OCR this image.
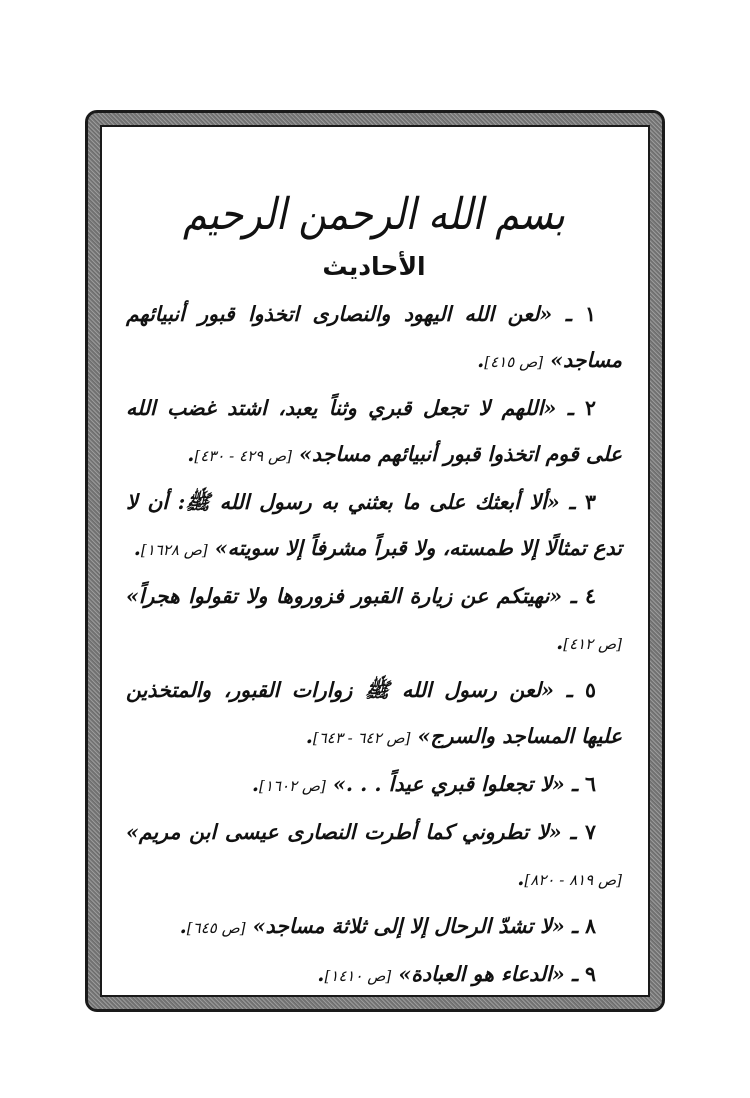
بسم الله الرحمن الرحيم
الأحاديث

١ ـ «لعن الله اليهود والنصارى اتخذوا قبور أنبيائهم مساجد» [ص ٤١٥].

٢ ـ «اللهم لا تجعل قبري وثناً يعبد، اشتد غضب الله على قوم اتخذوا قبور أنبيائهم مساجد» [ص ٤٢٩ - ٤٣٠].

٣ ـ «ألا أبعثك على ما بعثني به رسول الله ﷺ: أن لا تدع تمثالًا إلا طمسته، ولا قبراً مشرفاً إلا سويته» [ص ١٦٢٨].

٤ ـ «نهيتكم عن زيارة القبور فزوروها ولا تقولوا هجراً» [ص ٤١٢].

٥ ـ «لعن رسول الله ﷺ زوارات القبور، والمتخذين عليها المساجد والسرج» [ص ٦٤٢ - ٦٤٣].

٦ ـ «لا تجعلوا قبري عيداً . . .» [ص ١٦٠٢].

٧ ـ «لا تطروني كما أطرت النصارى عيسى ابن مريم» [ص ٨١٩ - ٨٢٠].

٨ ـ «لا تشدّ الرحال إلا إلى ثلاثة مساجد» [ص ٦٤٥].

٩ ـ «الدعاء هو العبادة» [ص ١٤١٠].
